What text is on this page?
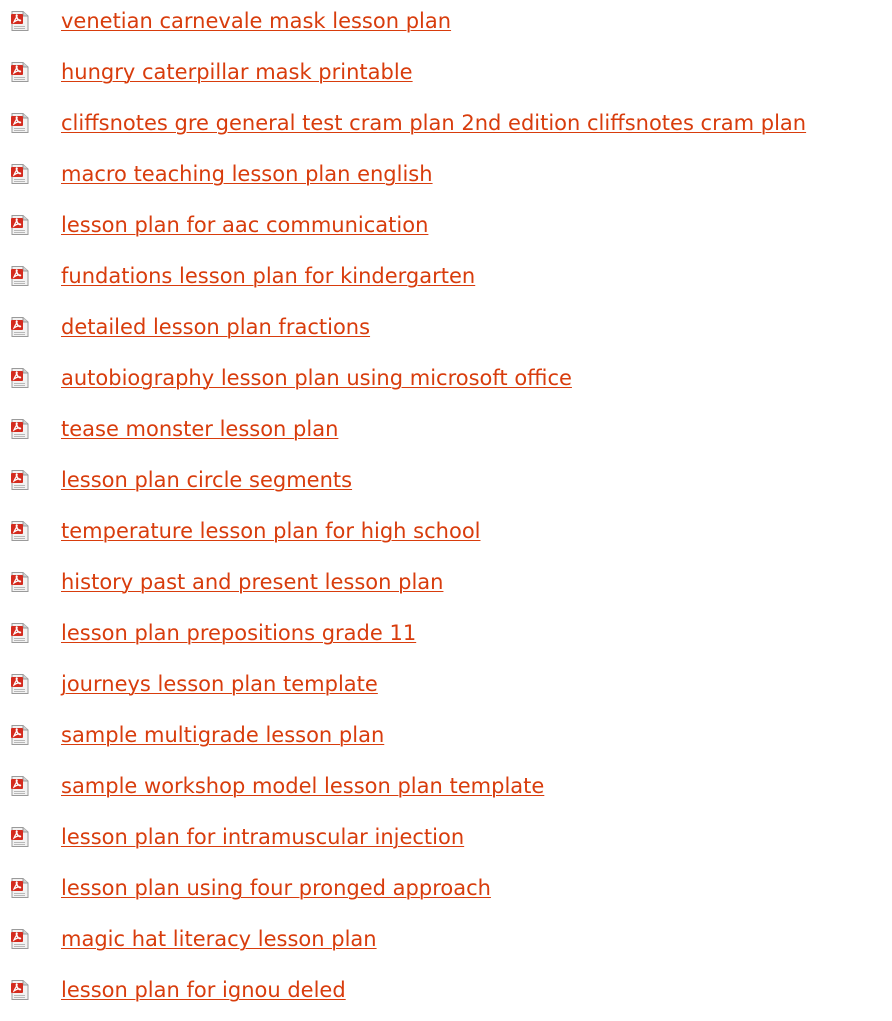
venetian carnevale mask lesson plan
hungry caterpillar mask printable
cliffsnotes gre general test cram plan 2nd edition cliffsnotes cram plan
macro teaching lesson plan english
lesson plan for aac communication
fundations lesson plan for kindergarten
detailed lesson plan fractions
autobiography lesson plan using microsoft office
tease monster lesson plan
lesson plan circle segments
temperature lesson plan for high school
history past and present lesson plan
lesson plan prepositions grade 11
journeys lesson plan template
sample multigrade lesson plan
sample workshop model lesson plan template
lesson plan for intramuscular injection
lesson plan using four pronged approach
magic hat literacy lesson plan
lesson plan for ignou deled
